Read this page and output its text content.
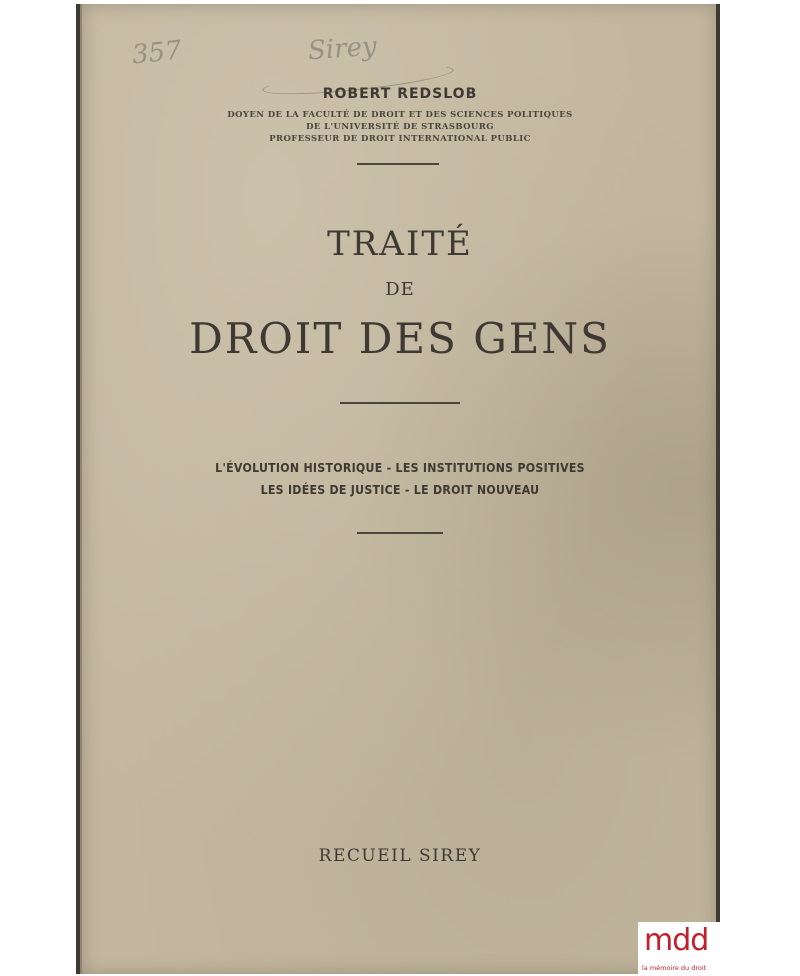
357	Sirey
ROBERT REDSLOB
DOYEN DE LA FACULTÉ DE DROIT ET DES SCIENCES POLITIQUES
DE L'UNIVERSITÉ DE STRASBOURG
PROFESSEUR DE DROIT INTERNATIONAL PUBLIC
TRAITÉ
DE
DROIT DES GENS
L'ÉVOLUTION HISTORIQUE - LES INSTITUTIONS POSITIVES
LES IDÉES DE JUSTICE - LE DROIT NOUVEAU
RECUEIL SIREY
mdd
la mémoire du droit
